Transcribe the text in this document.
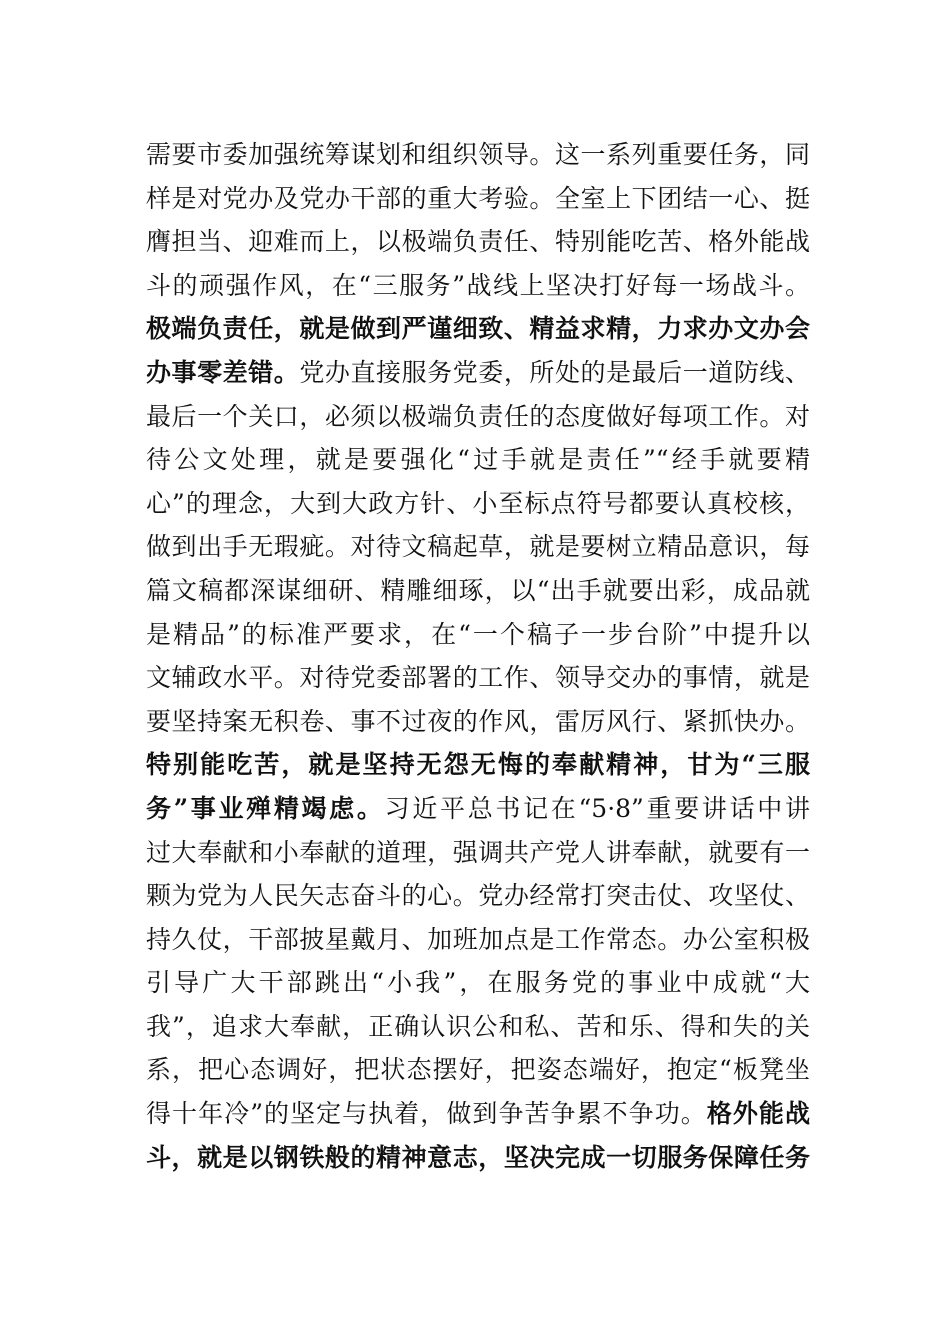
需要市委加强统筹谋划和组织领导。这一系列重要任务，同
样是对党办及党办干部的重大考验。全室上下团结一心、挺
膺担当、迎难而上，以极端负责任、特别能吃苦、格外能战
斗的顽强作风，在“三服务”战线上坚决打好每一场战斗。
极端负责任，就是做到严谨细致、精益求精，力求办文办会
办事零差错。党办直接服务党委，所处的是最后一道防线、
最后一个关口，必须以极端负责任的态度做好每项工作。对
待公文处理，就是要强化“过手就是责任”“经手就要精
心”的理念，大到大政方针、小至标点符号都要认真校核，
做到出手无瑕疵。对待文稿起草，就是要树立精品意识，每
篇文稿都深谋细研、精雕细琢，以“出手就要出彩，成品就
是精品”的标准严要求，在“一个稿子一步台阶”中提升以
文辅政水平。对待党委部署的工作、领导交办的事情，就是
要坚持案无积卷、事不过夜的作风，雷厉风行、紧抓快办。
特别能吃苦，就是坚持无怨无悔的奉献精神，甘为“三服
务”事业殚精竭虑。习近平总书记在“5·8”重要讲话中讲
过大奉献和小奉献的道理，强调共产党人讲奉献，就要有一
颗为党为人民矢志奋斗的心。党办经常打突击仗、攻坚仗、
持久仗，干部披星戴月、加班加点是工作常态。办公室积极
引导广大干部跳出“小我”，在服务党的事业中成就“大
我”，追求大奉献，正确认识公和私、苦和乐、得和失的关
系，把心态调好，把状态摆好，把姿态端好，抱定“板凳坐
得十年冷”的坚定与执着，做到争苦争累不争功。格外能战
斗，就是以钢铁般的精神意志，坚决完成一切服务保障任务
